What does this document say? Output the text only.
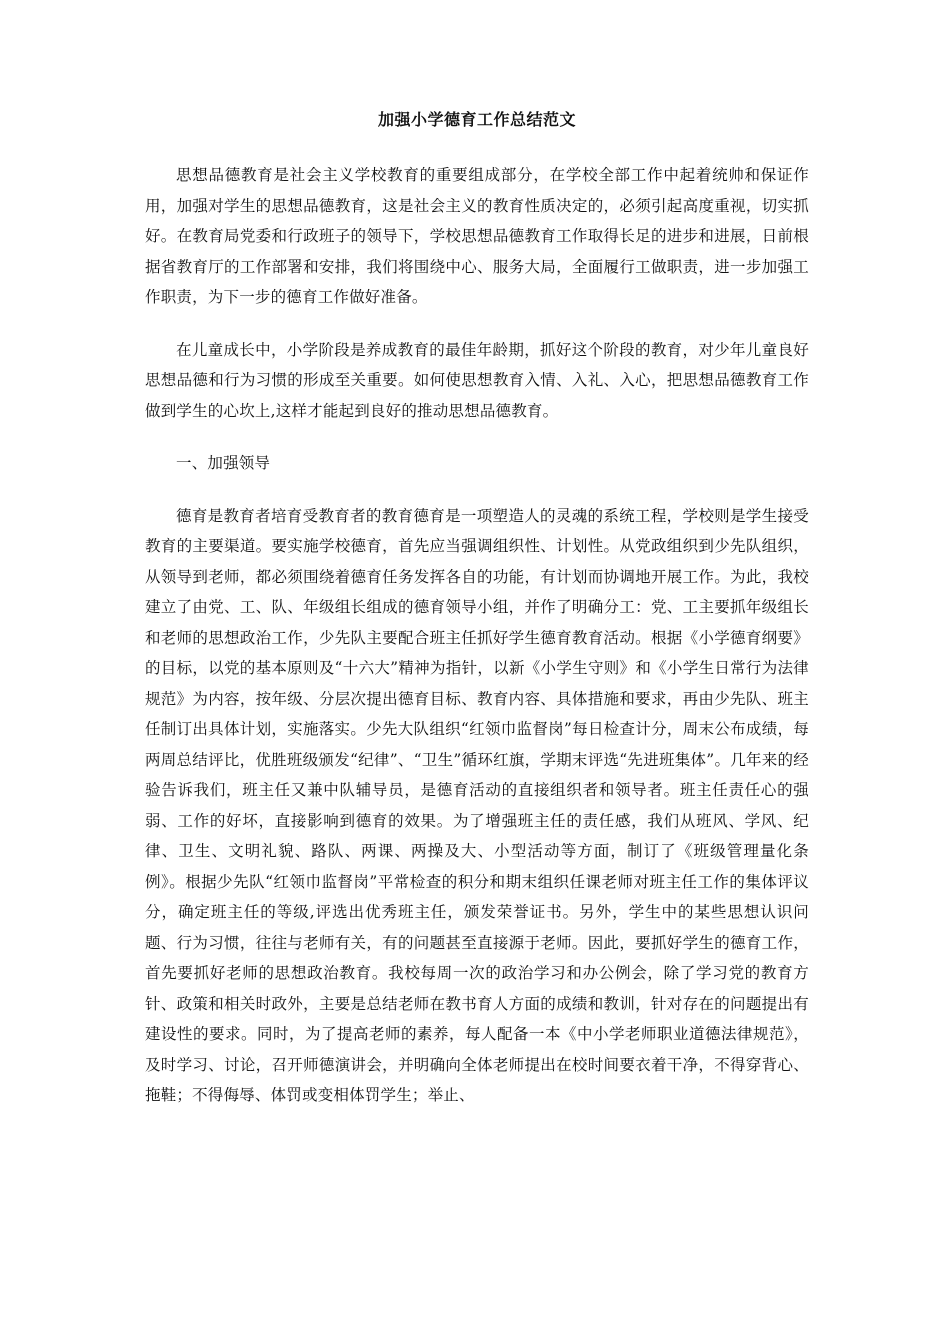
加强小学德育工作总结范文

思想品德教育是社会主义学校教育的重要组成部分，在学校全部工作中起着统帅和保证作用，加强对学生的思想品德教育，这是社会主义的教育性质决定的，必须引起高度重视，切实抓好。在教育局党委和行政班子的领导下，学校思想品德教育工作取得长足的进步和进展，日前根据省教育厅的工作部署和安排，我们将围绕中心、服务大局，全面履行工做职责，进一步加强工作职责，为下一步的德育工作做好准备。

在儿童成长中，小学阶段是养成教育的最佳年龄期，抓好这个阶段的教育，对少年儿童良好思想品德和行为习惯的形成至关重要。如何使思想教育入情、入礼、入心，把思想品德教育工作做到学生的心坎上,这样才能起到良好的推动思想品德教育。

一、加强领导

德育是教育者培育受教育者的教育德育是一项塑造人的灵魂的系统工程，学校则是学生接受教育的主要渠道。要实施学校德育，首先应当强调组织性、计划性。从党政组织到少先队组织，从领导到老师，都必须围绕着德育任务发挥各自的功能，有计划而协调地开展工作。为此，我校建立了由党、工、队、年级组长组成的德育领导小组，并作了明确分工：党、工主要抓年级组长和老师的思想政治工作，少先队主要配合班主任抓好学生德育教育活动。根据《小学德育纲要》的目标，以党的基本原则及“十六大”精神为指针，以新《小学生守则》和《小学生日常行为法律规范》为内容，按年级、分层次提出德育目标、教育内容、具体措施和要求，再由少先队、班主任制订出具体计划，实施落实。少先大队组织“红领巾监督岗”每日检查计分，周末公布成绩，每两周总结评比，优胜班级颁发“纪律”、“卫生”循环红旗，学期末评选“先进班集体”。几年来的经验告诉我们，班主任又兼中队辅导员，是德育活动的直接组织者和领导者。班主任责任心的强弱、工作的好坏，直接影响到德育的效果。为了增强班主任的责任感，我们从班风、学风、纪律、卫生、文明礼貌、路队、两课、两操及大、小型活动等方面，制订了《班级管理量化条例》。根据少先队“红领巾监督岗”平常检查的积分和期末组织任课老师对班主任工作的集体评议分，确定班主任的等级,评选出优秀班主任，颁发荣誉证书。另外，学生中的某些思想认识问题、行为习惯，往往与老师有关，有的问题甚至直接源于老师。因此，要抓好学生的德育工作，首先要抓好老师的思想政治教育。我校每周一次的政治学习和办公例会，除了学习党的教育方针、政策和相关时政外，主要是总结老师在教书育人方面的成绩和教训，针对存在的问题提出有建设性的要求。同时，为了提高老师的素养，每人配备一本《中小学老师职业道德法律规范》，及时学习、讨论，召开师德演讲会，并明确向全体老师提出在校时间要衣着干净，不得穿背心、拖鞋；不得侮辱、体罚或变相体罚学生；举止、
